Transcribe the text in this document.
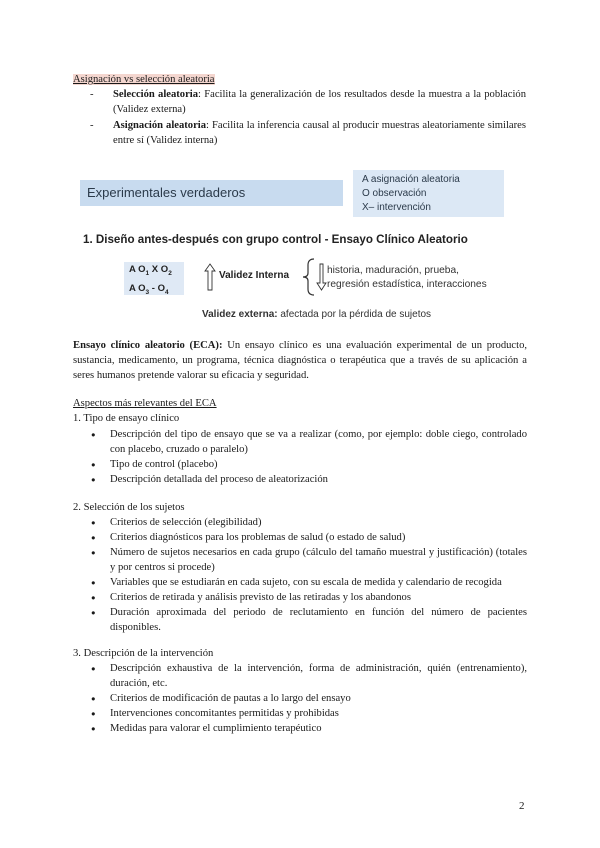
Asignación vs selección aleatoria
- Selección aleatoria: Facilita la generalización de los resultados desde la muestra a la población (Validez externa)
- Asignación aleatoria: Facilita la inferencia causal al producir muestras aleatoriamente similares entre sí (Validez interna)
Experimentales verdaderos
A asignación aleatoria
O observación
X– intervención
1. Diseño antes-después con grupo control - Ensayo Clínico Aleatorio
A $O_1$ X $O_2$
A $O_3 - O_4$
Validez Interna	historia, maduración, prueba,
regresión estadística, interacciones
Validez externa: afectada por la pérdida de sujetos
Ensayo clínico aleatorio (ECA): Un ensayo clínico es una evaluación experimental de un producto, sustancia, medicamento, un programa, técnica diagnóstica o terapéutica que a través de su aplicación a seres humanos pretende valorar su eficacia y seguridad.
Aspectos más relevantes del ECA
1. Tipo de ensayo clínico
● Descripción del tipo de ensayo que se va a realizar (como, por ejemplo: doble ciego, controlado con placebo, cruzado o paralelo)
● Tipo de control (placebo)
● Descripción detallada del proceso de aleatorización
2. Selección de los sujetos
● Criterios de selección (elegibilidad)
● Criterios diagnósticos para los problemas de salud (o estado de salud)
● Número de sujetos necesarios en cada grupo (cálculo del tamaño muestral y justificación) (totales y por centros si procede)
● Variables que se estudiarán en cada sujeto, con su escala de medida y calendario de recogida
● Criterios de retirada y análisis previsto de las retiradas y los abandonos
● Duración aproximada del periodo de reclutamiento en función del número de pacientes disponibles.
3. Descripción de la intervención
● Descripción exhaustiva de la intervención, forma de administración, quién (entrenamiento), duración, etc.
● Criterios de modificación de pautas a lo largo del ensayo
● Intervenciones concomitantes permitidas y prohibidas
● Medidas para valorar el cumplimiento terapéutico
2
